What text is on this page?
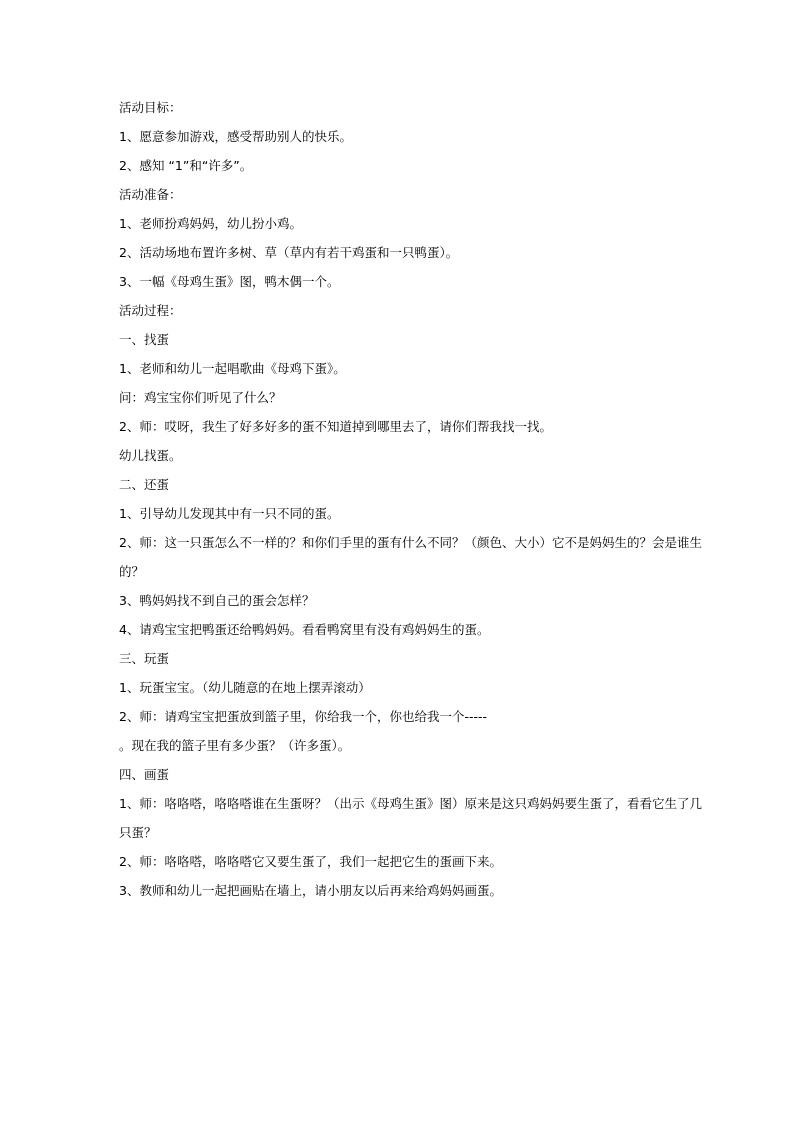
活动目标：
1、愿意参加游戏，感受帮助别人的快乐。
2、感知 “1”和“许多”。
活动准备：
1、老师扮鸡妈妈，幼儿扮小鸡。
2、活动场地布置许多树、草（草内有若干鸡蛋和一只鸭蛋）。
3、一幅《母鸡生蛋》图，鸭木偶一个。
活动过程：
一、找蛋
1、老师和幼儿一起唱歌曲《母鸡下蛋》。
问：鸡宝宝你们听见了什么？
2、师：哎呀，我生了好多好多的蛋不知道掉到哪里去了，请你们帮我找一找。
幼儿找蛋。
二、还蛋
1、引导幼儿发现其中有一只不同的蛋。
2、师：这一只蛋怎么不一样的？和你们手里的蛋有什么不同？（颜色、大小）它不是妈妈生的？会是谁生
的？
3、鸭妈妈找不到自己的蛋会怎样？
4、请鸡宝宝把鸭蛋还给鸭妈妈。看看鸭窝里有没有鸡妈妈生的蛋。
三、玩蛋
1、玩蛋宝宝。（幼儿随意的在地上摆弄滚动）
2、师：请鸡宝宝把蛋放到篮子里，你给我一个，你也给我一个-----
。现在我的篮子里有多少蛋？（许多蛋）。
四、画蛋
1、师：咯咯嗒，咯咯嗒谁在生蛋呀？（出示《母鸡生蛋》图）原来是这只鸡妈妈要生蛋了，看看它生了几
只蛋？
2、师：咯咯嗒，咯咯嗒它又要生蛋了，我们一起把它生的蛋画下来。
3、教师和幼儿一起把画贴在墙上，请小朋友以后再来给鸡妈妈画蛋。
